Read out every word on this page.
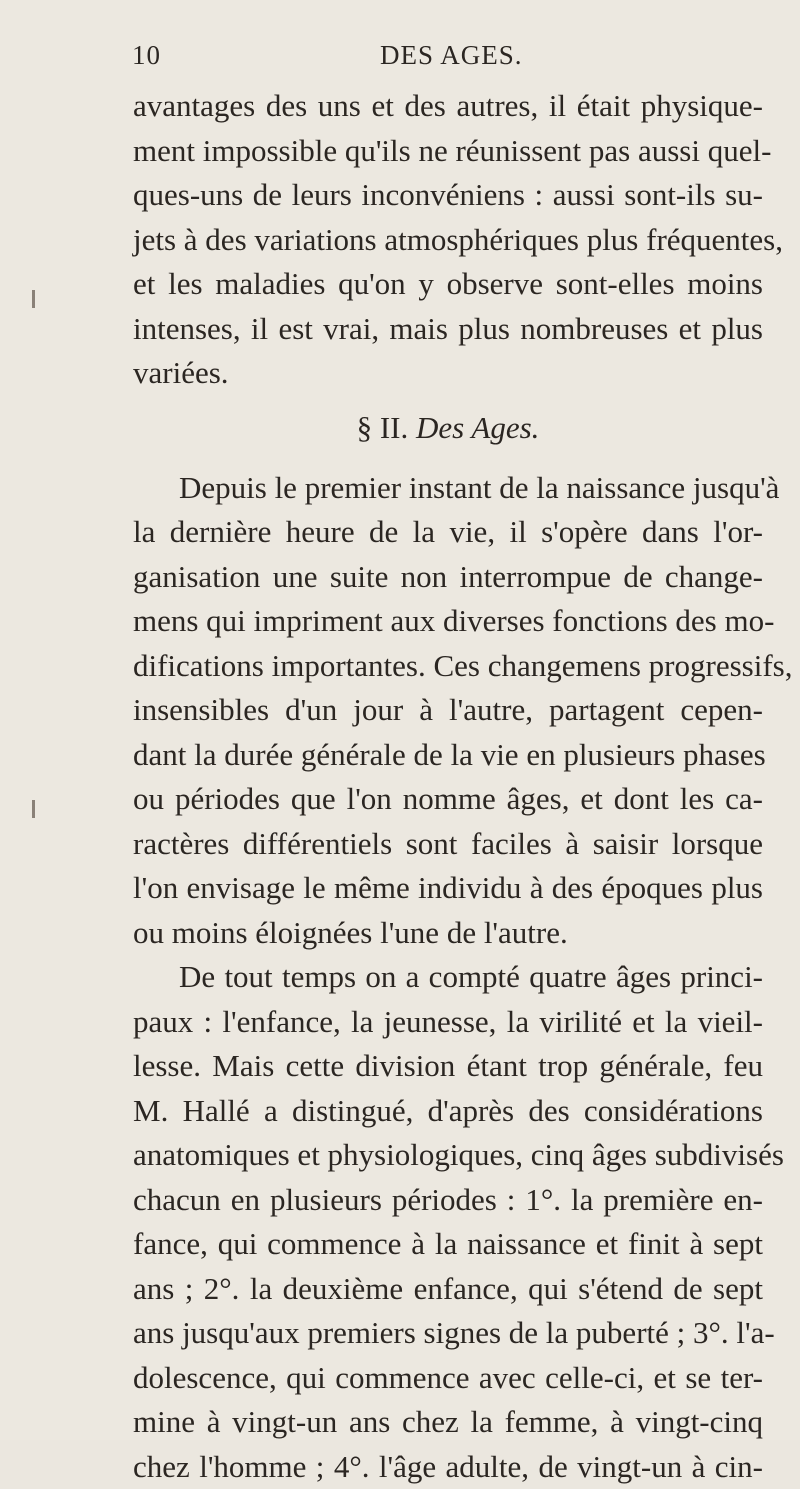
10	DES AGES.
avantages des uns et des autres, il était physique-
ment impossible qu'ils ne réunissent pas aussi quel-
ques-uns de leurs inconvéniens : aussi sont-ils su-
jets à des variations atmosphériques plus fréquentes,
et les maladies qu'on y observe sont-elles moins
intenses, il est vrai, mais plus nombreuses et plus
variées.
§ II. Des Ages.
Depuis le premier instant de la naissance jusqu'à
la dernière heure de la vie, il s'opère dans l'or-
ganisation une suite non interrompue de change-
mens qui impriment aux diverses fonctions des mo-
difications importantes. Ces changemens progressifs,
insensibles d'un jour à l'autre, partagent cepen-
dant la durée générale de la vie en plusieurs phases
ou périodes que l'on nomme âges, et dont les ca-
ractères différentiels sont faciles à saisir lorsque
l'on envisage le même individu à des époques plus
ou moins éloignées l'une de l'autre.
De tout temps on a compté quatre âges princi-
paux : l'enfance, la jeunesse, la virilité et la vieil-
lesse. Mais cette division étant trop générale, feu
M. Hallé a distingué, d'après des considérations
anatomiques et physiologiques, cinq âges subdivisés
chacun en plusieurs périodes : 1°. la première en-
fance, qui commence à la naissance et finit à sept
ans ; 2°. la deuxième enfance, qui s'étend de sept
ans jusqu'aux premiers signes de la puberté ; 3°. l'a-
dolescence, qui commence avec celle-ci, et se ter-
mine à vingt-un ans chez la femme, à vingt-cinq
chez l'homme ; 4°. l'âge adulte, de vingt-un à cin-
